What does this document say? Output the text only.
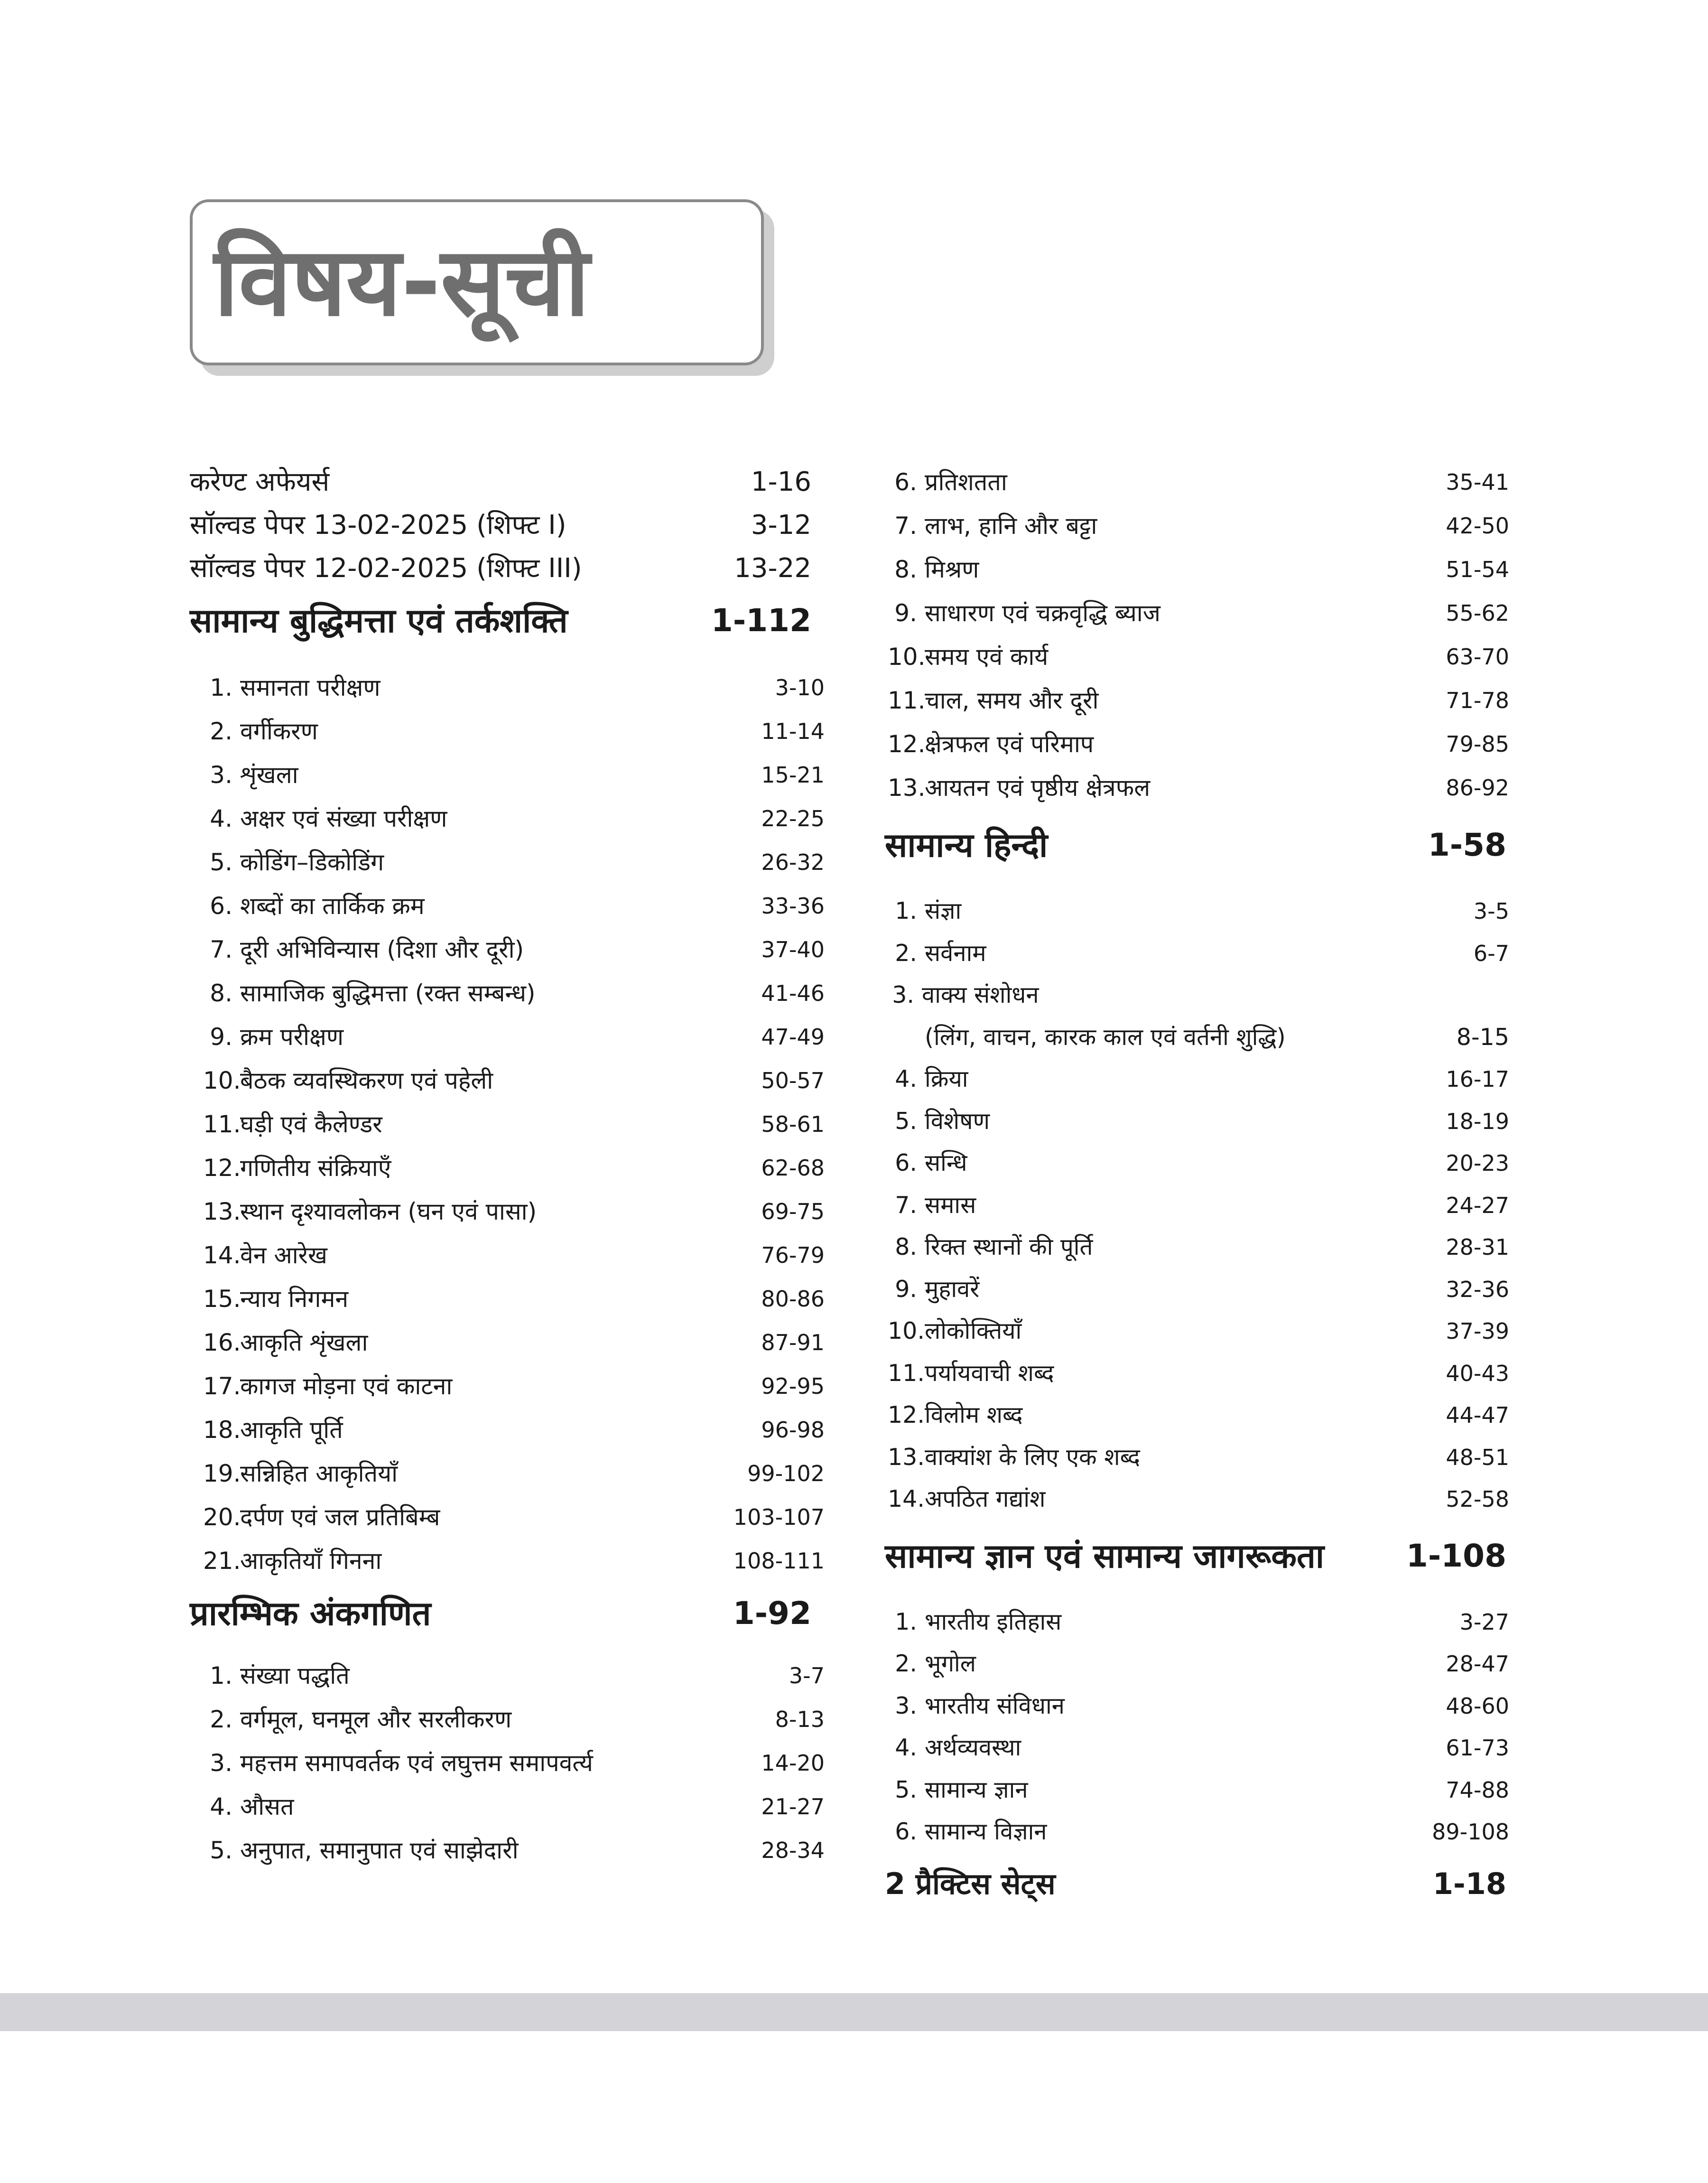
विषय-सूची
करेण्ट अफेयर्स	1-16
सॉल्वड पेपर 13-02-2025 (शिफ्ट I)	3-12
सॉल्वड पेपर 12-02-2025 (शिफ्ट III)	13-22
सामान्य बुद्धिमत्ता एवं तर्कशक्ति	1-112
1. समानता परीक्षण	3-10
2. वर्गीकरण	11-14
3. शृंखला	15-21
4. अक्षर एवं संख्या परीक्षण	22-25
5. कोडिंग–डिकोडिंग	26-32
6. शब्दों का तार्किक क्रम	33-36
7. दूरी अभिविन्यास (दिशा और दूरी)	37-40
8. सामाजिक बुद्धिमत्ता (रक्त सम्बन्ध)	41-46
9. क्रम परीक्षण	47-49
10.बैठक व्यवस्थिकरण एवं पहेली	50-57
11.घड़ी एवं कैलेण्डर	58-61
12.गणितीय संक्रियाएँ	62-68
13.स्थान दृश्यावलोकन (घन एवं पासा)	69-75
14.वेन आरेख	76-79
15.न्याय निगमन	80-86
16.आकृति शृंखला	87-91
17.कागज मोड़ना एवं काटना	92-95
18.आकृति पूर्ति	96-98
19.सन्निहित आकृतियाँ	99-102
20.दर्पण एवं जल प्रतिबिम्ब	103-107
21.आकृतियाँ गिनना	108-111
प्रारम्भिक अंकगणित	1-92
1. संख्या पद्धति	3-7
2. वर्गमूल, घनमूल और सरलीकरण	8-13
3. महत्तम समापवर्तक एवं लघुत्तम समापवर्त्य	14-20
4. औसत	21-27
5. अनुपात, समानुपात एवं साझेदारी	28-34
6. प्रतिशतता	35-41
7. लाभ, हानि और बट्टा	42-50
8. मिश्रण	51-54
9. साधारण एवं चक्रवृद्धि ब्याज	55-62
10.समय एवं कार्य	63-70
11.चाल, समय और दूरी	71-78
12.क्षेत्रफल एवं परिमाप	79-85
13.आयतन एवं पृष्ठीय क्षेत्रफल	86-92
सामान्य हिन्दी	1-58
1. संज्ञा	3-5
2. सर्वनाम	6-7
3. वाक्य संशोधन
(लिंग, वाचन, कारक काल एवं वर्तनी शुद्धि)	8-15
4. क्रिया	16-17
5. विशेषण	18-19
6. सन्धि	20-23
7. समास	24-27
8. रिक्त स्थानों की पूर्ति	28-31
9. मुहावरें	32-36
10.लोकोक्तियाँ	37-39
11.पर्यायवाची शब्द	40-43
12.विलोम शब्द	44-47
13.वाक्यांश के लिए एक शब्द	48-51
14.अपठित गद्यांश	52-58
सामान्य ज्ञान एवं सामान्य जागरूकता	1-108
1. भारतीय इतिहास	3-27
2. भूगोल	28-47
3. भारतीय संविधान	48-60
4. अर्थव्यवस्था	61-73
5. सामान्य ज्ञान	74-88
6. सामान्य विज्ञान	89-108
2 प्रैक्टिस सेट्स	1-18
